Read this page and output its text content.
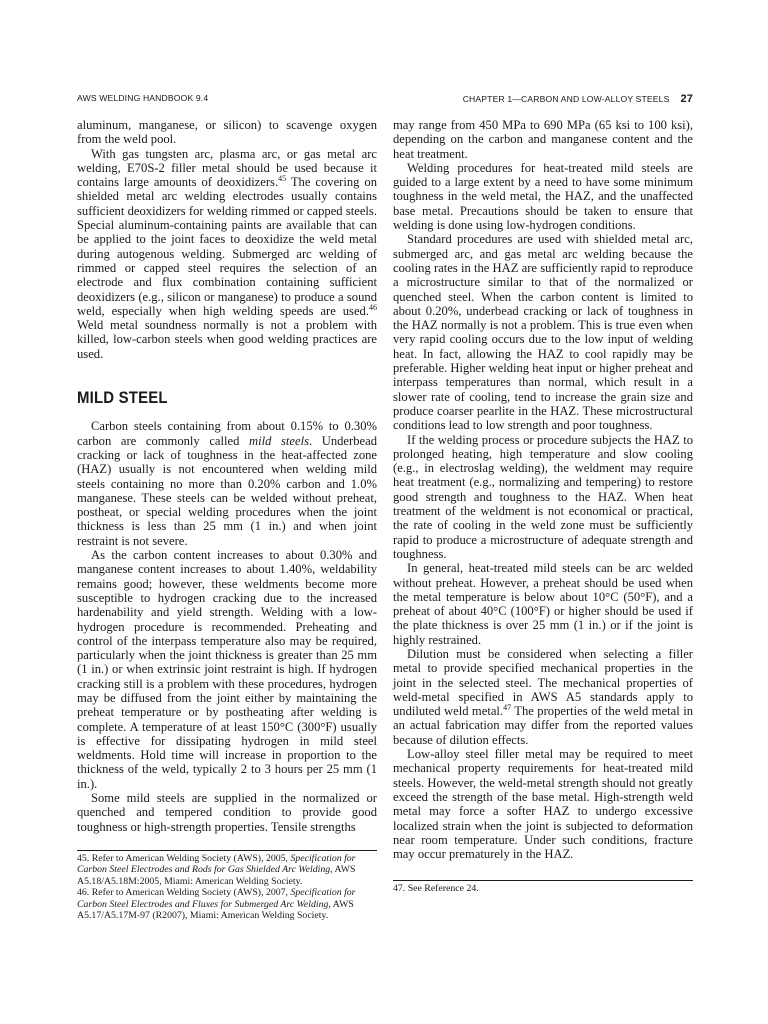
AWS WELDING HANDBOOK 9.4	CHAPTER 1—CARBON AND LOW-ALLOY STEELS 27

aluminum, manganese, or silicon) to scavenge oxygen from the weld pool.

With gas tungsten arc, plasma arc, or gas metal arc welding, E70S-2 filler metal should be used because it contains large amounts of deoxidizers.$^{45}$ The covering on shielded metal arc welding electrodes usually contains sufficient deoxidizers for welding rimmed or capped steels. Special aluminum-containing paints are available that can be applied to the joint faces to deoxidize the weld metal during autogenous welding. Submerged arc welding of rimmed or capped steel requires the selection of an electrode and flux combination containing sufficient deoxidizers (e.g., silicon or manganese) to produce a sound weld, especially when high welding speeds are used.$^{46}$ Weld metal soundness normally is not a problem with killed, low-carbon steels when good welding practices are used.

MILD STEEL

Carbon steels containing from about 0.15% to 0.30% carbon are commonly called mild steels. Underbead cracking or lack of toughness in the heat-affected zone (HAZ) usually is not encountered when welding mild steels containing no more than 0.20% carbon and 1.0% manganese. These steels can be welded without preheat, postheat, or special welding procedures when the joint thickness is less than 25 mm (1 in.) and when joint restraint is not severe.

As the carbon content increases to about 0.30% and manganese content increases to about 1.40%, weldability remains good; however, these weldments become more susceptible to hydrogen cracking due to the increased hardenability and yield strength. Welding with a low-hydrogen procedure is recommended. Preheating and control of the interpass temperature also may be required, particularly when the joint thickness is greater than 25 mm (1 in.) or when extrinsic joint restraint is high. If hydrogen cracking still is a problem with these procedures, hydrogen may be diffused from the joint either by maintaining the preheat temperature or by postheating after welding is complete. A temperature of at least 150°C (300°F) usually is effective for dissipating hydrogen in mild steel weldments. Hold time will increase in proportion to the thickness of the weld, typically 2 to 3 hours per 25 mm (1 in.).

Some mild steels are supplied in the normalized or quenched and tempered condition to provide good toughness or high-strength properties. Tensile strengths

45. Refer to American Welding Society (AWS), 2005, Specification for Carbon Steel Electrodes and Rods for Gas Shielded Arc Welding, AWS A5.18/A5.18M:2005, Miami: American Welding Society.

46. Refer to American Welding Society (AWS), 2007, Specification for Carbon Steel Electrodes and Fluxes for Submerged Arc Welding, AWS A5.17/A5.17M-97 (R2007), Miami: American Welding Society.

may range from 450 MPa to 690 MPa (65 ksi to 100 ksi), depending on the carbon and manganese content and the heat treatment.

Welding procedures for heat-treated mild steels are guided to a large extent by a need to have some minimum toughness in the weld metal, the HAZ, and the unaffected base metal. Precautions should be taken to ensure that welding is done using low-hydrogen conditions.

Standard procedures are used with shielded metal arc, submerged arc, and gas metal arc welding because the cooling rates in the HAZ are sufficiently rapid to reproduce a microstructure similar to that of the normalized or quenched steel. When the carbon content is limited to about 0.20%, underbead cracking or lack of toughness in the HAZ normally is not a problem. This is true even when very rapid cooling occurs due to the low input of welding heat. In fact, allowing the HAZ to cool rapidly may be preferable. Higher welding heat input or higher preheat and interpass temperatures than normal, which result in a slower rate of cooling, tend to increase the grain size and produce coarser pearlite in the HAZ. These microstructural conditions lead to low strength and poor toughness.

If the welding process or procedure subjects the HAZ to prolonged heating, high temperature and slow cooling (e.g., in electroslag welding), the weldment may require heat treatment (e.g., normalizing and tempering) to restore good strength and toughness to the HAZ. When heat treatment of the weldment is not economical or practical, the rate of cooling in the weld zone must be sufficiently rapid to produce a microstructure of adequate strength and toughness.

In general, heat-treated mild steels can be arc welded without preheat. However, a preheat should be used when the metal temperature is below about 10°C (50°F), and a preheat of about 40°C (100°F) or higher should be used if the plate thickness is over 25 mm (1 in.) or if the joint is highly restrained.

Dilution must be considered when selecting a filler metal to provide specified mechanical properties in the joint in the selected steel. The mechanical properties of weld-metal specified in AWS A5 standards apply to undiluted weld metal.$^{47}$ The properties of the weld metal in an actual fabrication may differ from the reported values because of dilution effects.

Low-alloy steel filler metal may be required to meet mechanical property requirements for heat-treated mild steels. However, the weld-metal strength should not greatly exceed the strength of the base metal. High-strength weld metal may force a softer HAZ to undergo excessive localized strain when the joint is subjected to deformation near room temperature. Under such conditions, fracture may occur prematurely in the HAZ.

47. See Reference 24.
